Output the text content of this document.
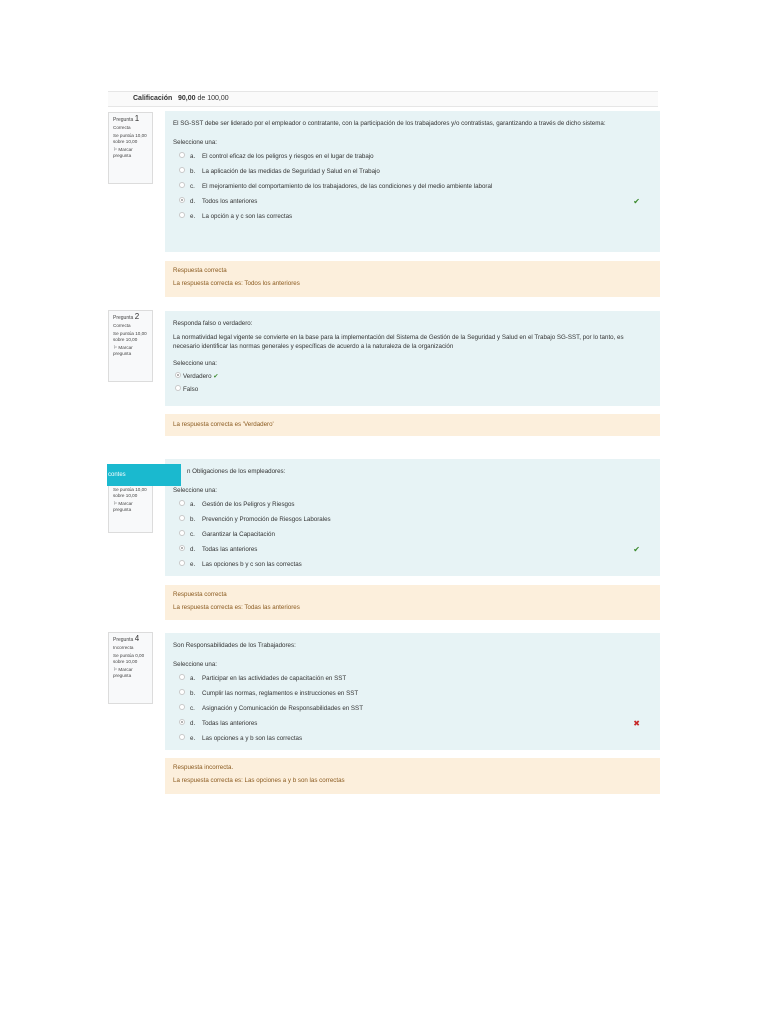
Calificación 90,00 de 100,00
Pregunta 1
Correcta
Se puntúa 10,00 sobre 10,00
⚐ Marcar pregunta
El SG-SST debe ser liderado por el empleador o contratante, con la participación de los trabajadores y/o contratistas, garantizando a través de dicho sistema:
Seleccione una:
a. El control eficaz de los peligros y riesgos en el lugar de trabajo
b. La aplicación de las medidas de Seguridad y Salud en el Trabajo
c. El mejoramiento del comportamiento de los trabajadores, de las condiciones y del medio ambiente laboral
d. Todos los anteriores	✔
e. La opción a y c son las correctas
Respuesta correcta
La respuesta correcta es: Todos los anteriores
Pregunta 2
Correcta
Se puntúa 10,00 sobre 10,00
⚐ Marcar pregunta
Responda falso o verdadero:
La normatividad legal vigente se convierte en la base para la implementación del Sistema de Gestión de la Seguridad y Salud en el Trabajo SG-SST, por lo tanto, es necesario identificar las normas generales y específicas de acuerdo a la naturaleza de la organización
Seleccione una:
Verdadero ✔
Falso
La respuesta correcta es 'Verdadero'
Se puntúa 10,00 sobre 10,00
⚐ Marcar pregunta
n Obligaciones de los empleadores:
Seleccione una:
a. Gestión de los Peligros y Riesgos
b. Prevención y Promoción de Riesgos Laborales
c. Garantizar la Capacitación
d. Todas las anteriores	✔
e. Las opciones b y c son las correctas
contes
Respuesta correcta
La respuesta correcta es: Todas las anteriores
Pregunta 4
Incorrecta
Se puntúa 0,00 sobre 10,00
⚐ Marcar pregunta
Son Responsabilidades de los Trabajadores:
Seleccione una:
a. Participar en las actividades de capacitación en SST
b. Cumplir las normas, reglamentos e instrucciones en SST
c. Asignación y Comunicación de Responsabilidades en SST
d. Todas las anteriores	✖
e. Las opciones a y b son las correctas
Respuesta incorrecta.
La respuesta correcta es: Las opciones a y b son las correctas
